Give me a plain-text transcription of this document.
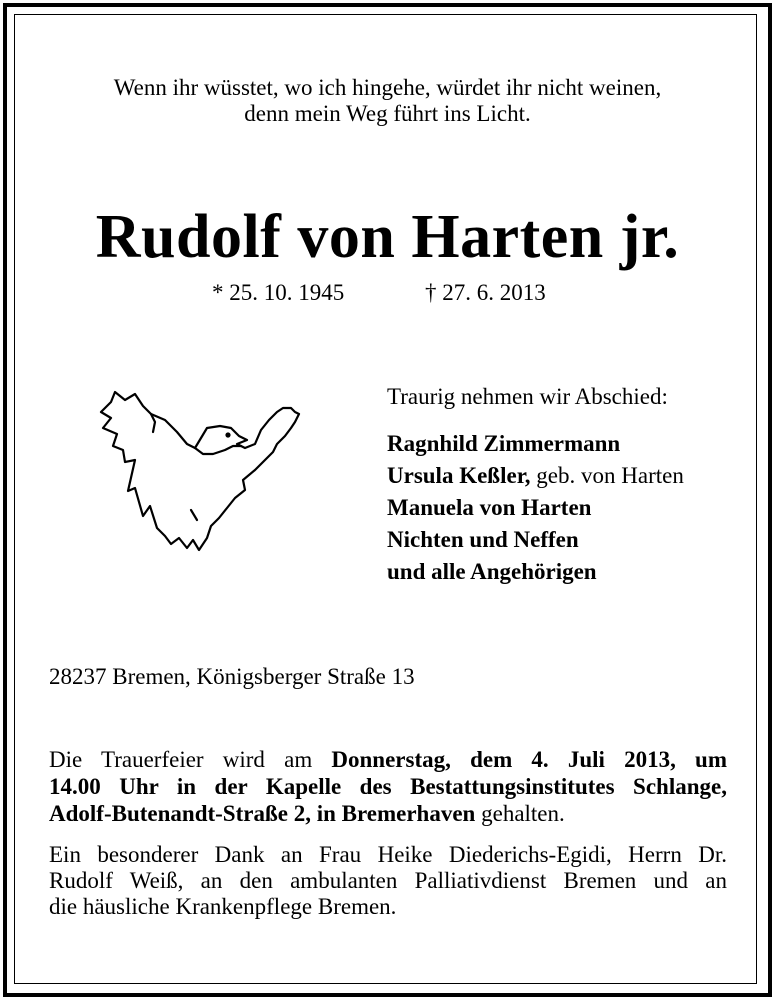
Wenn ihr wüsstet, wo ich hingehe, würdet ihr nicht weinen,
denn mein Weg führt ins Licht.
Rudolf von Harten jr.
* 25. 10. 1945	† 27. 6. 2013
Traurig nehmen wir Abschied:
Ragnhild Zimmermann
Ursula Keßler, geb. von Harten
Manuela von Harten
Nichten und Neffen
und alle Angehörigen
28237 Bremen, Königsberger Straße 13
Die Trauerfeier wird am Donnerstag, dem 4. Juli 2013, um
14.00 Uhr in der Kapelle des Bestattungsinstitutes Schlange,
Adolf-Butenandt-Straße 2, in Bremerhaven gehalten.
Ein besonderer Dank an Frau Heike Diederichs-Egidi, Herrn Dr.
Rudolf Weiß, an den ambulanten Palliativdienst Bremen und an
die häusliche Krankenpflege Bremen.
